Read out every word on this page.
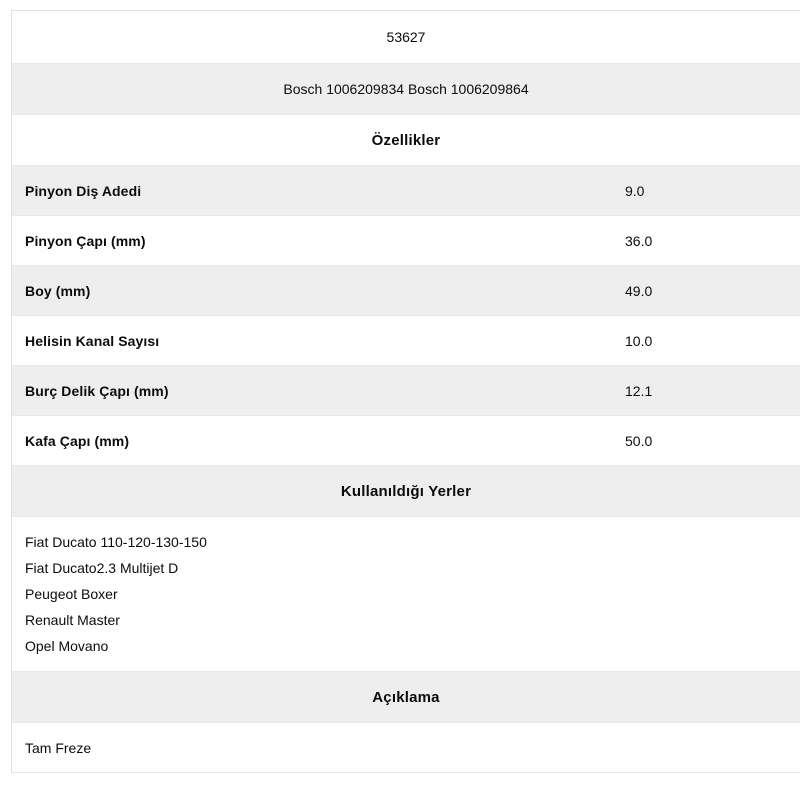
53627
Bosch 1006209834 Bosch 1006209864
Özellikler
Pinyon Diş Adedi	9.0
Pinyon Çapı (mm)	36.0
Boy (mm)	49.0
Helisin Kanal Sayısı	10.0
Burç Delik Çapı (mm)	12.1
Kafa Çapı (mm)	50.0
Kullanıldığı Yerler
Fiat Ducato 110-120-130-150
Fiat Ducato2.3 Multijet D
Peugeot Boxer
Renault Master
Opel Movano
Açıklama
Tam Freze
